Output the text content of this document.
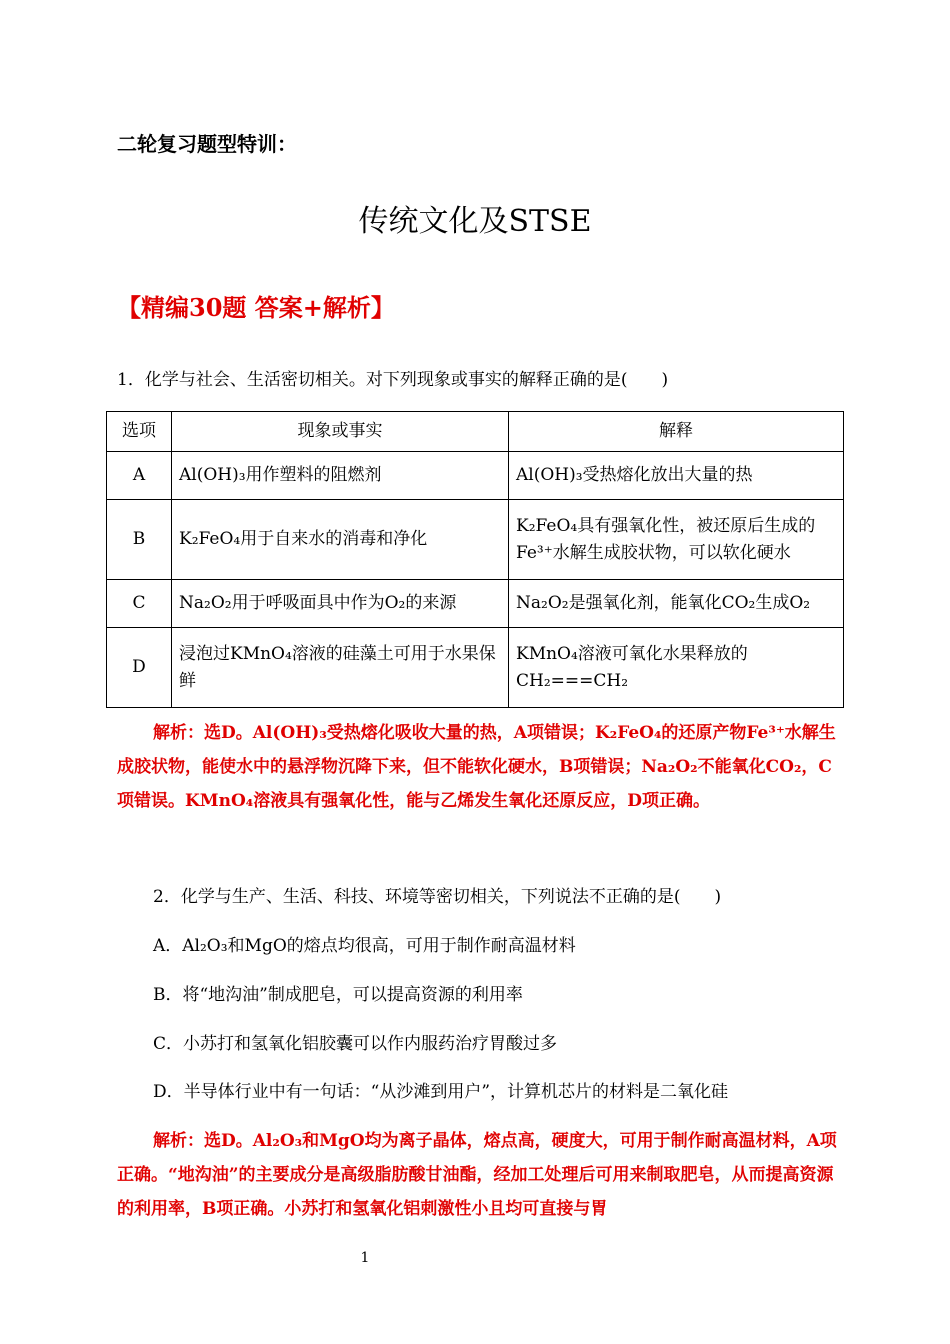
二轮复习题型特训：
传统文化及STSE
【精编30题 答案+解析】
1．化学与社会、生活密切相关。对下列现象或事实的解释正确的是(　　)
选项	现象或事实	解释
A	Al(OH)₃用作塑料的阻燃剂	Al(OH)₃受热熔化放出大量的热
B	K₂FeO₄用于自来水的消毒和净化	K₂FeO₄具有强氧化性，被还原后生成的Fe³⁺水解生成胶状物，可以软化硬水
C	Na₂O₂用于呼吸面具中作为O₂的来源	Na₂O₂是强氧化剂，能氧化CO₂生成O₂
D	浸泡过KMnO₄溶液的硅藻土可用于水果保鲜	KMnO₄溶液可氧化水果释放的CH₂===CH₂
解析：选D。Al(OH)₃受热熔化吸收大量的热，A项错误；K₂FeO₄的还原产物Fe³⁺水解生成胶状物，能使水中的悬浮物沉降下来，但不能软化硬水，B项错误；Na₂O₂不能氧化CO₂，C项错误。KMnO₄溶液具有强氧化性，能与乙烯发生氧化还原反应，D项正确。
2．化学与生产、生活、科技、环境等密切相关，下列说法不正确的是(　　)
A．Al₂O₃和MgO的熔点均很高，可用于制作耐高温材料
B．将“地沟油”制成肥皂，可以提高资源的利用率
C．小苏打和氢氧化铝胶囊可以作内服药治疗胃酸过多
D．半导体行业中有一句话：“从沙滩到用户”，计算机芯片的材料是二氧化硅
解析：选D。Al₂O₃和MgO均为离子晶体，熔点高，硬度大，可用于制作耐高温材料，A项正确。“地沟油”的主要成分是高级脂肪酸甘油酯，经加工处理后可用来制取肥皂，从而提高资源的利用率，B项正确。小苏打和氢氧化铝刺激性小且均可直接与胃
1
